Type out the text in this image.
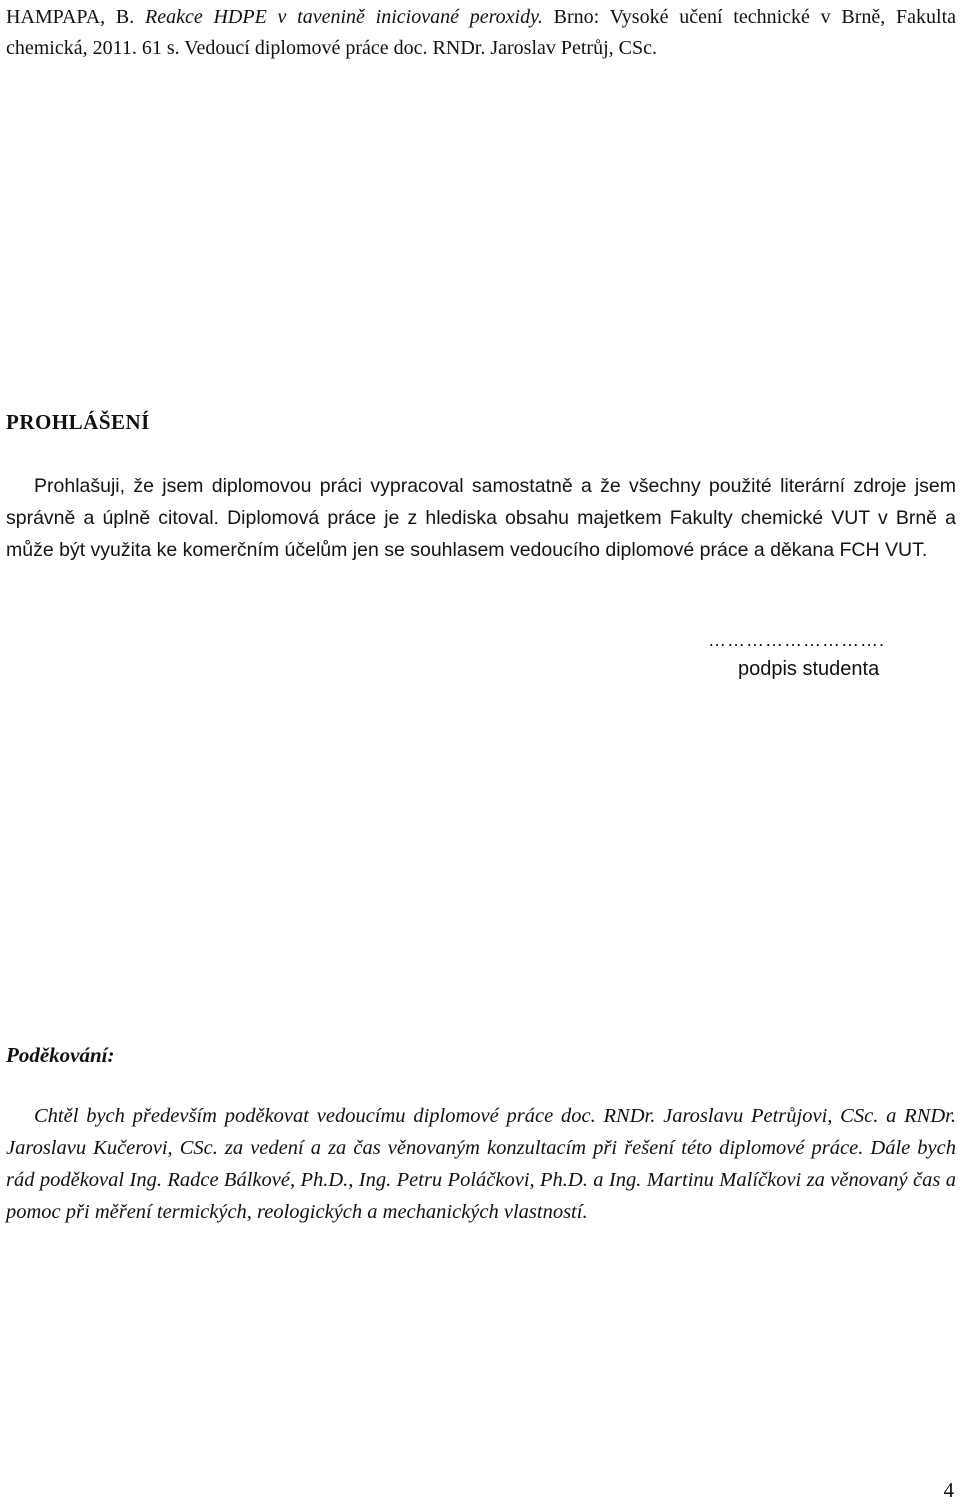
HAMPAPA, B. Reakce HDPE v tavenině iniciované peroxidy. Brno: Vysoké učení technické v Brně, Fakulta chemická, 2011. 61 s. Vedoucí diplomové práce doc. RNDr. Jaroslav Petrůj, CSc.

PROHLÁŠENÍ

Prohlašuji, že jsem diplomovou práci vypracoval samostatně a že všechny použité literární zdroje jsem správně a úplně citoval. Diplomová práce je z hlediska obsahu majetkem Fakulty chemické VUT v Brně a může být využita ke komerčním účelům jen se souhlasem vedoucího diplomové práce a děkana FCH VUT.

……………………….
podpis studenta
Poděkování:

Chtěl bych především poděkovat vedoucímu diplomové práce doc. RNDr. Jaroslavu Petrůjovi, CSc. a RNDr. Jaroslavu Kučerovi, CSc. za vedení a za čas věnovaným konzultacím při řešení této diplomové práce. Dále bych rád poděkoval Ing. Radce Bálkové, Ph.D., Ing. Petru Poláčkovi, Ph.D. a Ing. Martinu Malíčkovi za věnovaný čas a pomoc při měření termických, reologických a mechanických vlastností.

4
